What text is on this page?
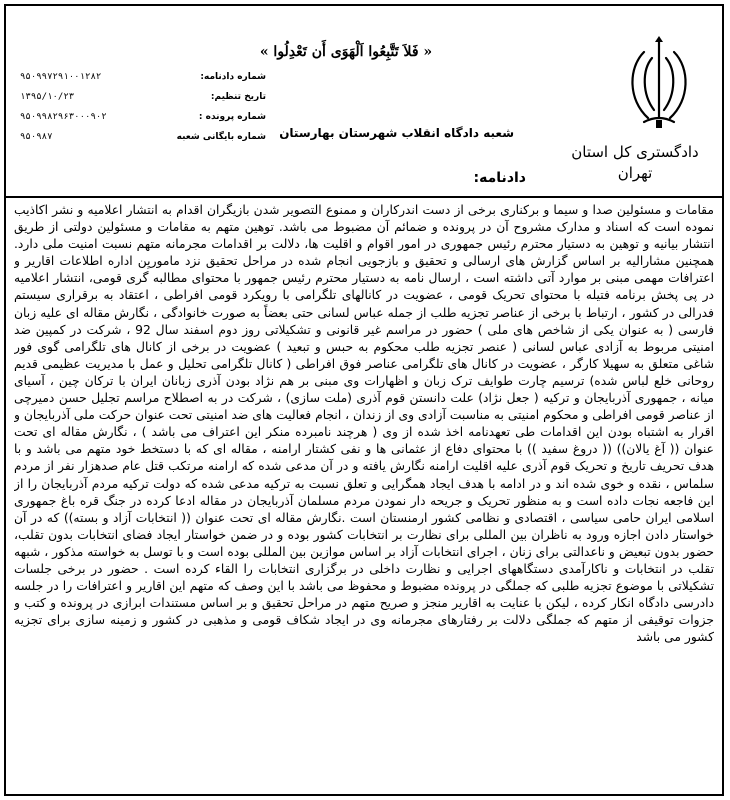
دادگستری کل استان
تهران
« فَلاَ تَتَّبِعُوا اَلْهَوَى أَن تَعْدِلُوا »
شعبه دادگاه انقلاب شهرستان بهارستان
دادنامه:
شماره دادنامه:
۹۵۰۹۹۷۲۹۱۰۰۱۲۸۲
تاریخ تنظیم:
۱۳۹۵/۱۰/۲۳
شماره پرونده :
۹۵۰۹۹۸۲۹۶۳۰۰۰۹۰۲
شماره بایگانی شعبه
۹۵۰۹۸۷

مقامات و مسئولین صدا و سیما و برکناری برخی از دست اندرکاران و ممنوع التصویر شدن بازیگران اقدام به انتشار اعلامیه و نشر اکاذیب نموده است که اسناد و مدارک مشروح آن در پرونده و ضمائم آن مضبوط می باشد. توهین متهم به مقامات و مسئولین دولتی از طریق انتشار بیانیه و توهین به دستیار محترم رئیس جمهوری در امور اقوام و اقلیت ها، دلالت بر اقدامات مجرمانه متهم نسبت امنیت ملی دارد. همچنین مشارالیه بر اساس گزارش های ارسالی و تحقیق و بازجویی انجام شده در مراحل تحقیق نزد ماموریِن اداره اطلاعات اقاریر و اعترافات مهمی مبنی بر موارد آتی داشته است ، ارسال نامه به دستیار محترم رئیس جمهور با محتوای مطالبه گری قومی، انتشار اعلامیه در پی پخش برنامه فتیله با محتوای تحریک قومی ، عضویت در کانالهای تلگرامی با رویکرد قومی افراطی ، اعتقاد به برقراری سیستم فدرالی در کشور ، ارتباط با برخی از عناصر تجزیه طلب از جمله عباس لسانی حتی بعضاً به صورت خانوادگی ، نگارش مقاله ای علیه زبان فارسی ( به عنوان یکی از شاخص های ملی ) حضور در مراسم غیر قانونی و تشکیلاتی روز دوم اسفند سال 92 ، شرکت در کمپین ضد امنیتی مربوط به آزادی عباس لسانی ( عنصر تجزیه طلب محکوم به حبس و تبعید ) عضویت در برخی از کانال های تلگرامی گوی فور شاغی متعلق به سهیلا کارگر ، عضویت در کانال های تلگرامی عناصر فوق افراطی ( کانال تلگرامی تحلیل و عمل با مدیریت عظیمی قدیم روحانی خلع لباس شده) ترسیم چارت طوایف ترک زبان و اظهارات وی مبنی بر هم نژاد بودن آذری زبانان ایران با ترکان چین ، آسیای میانه ، جمهوری آذربایجان و ترکیه ( جعل نژاد) علت دانستن قوم آذری (ملت سازی) ، شرکت در به اصطلاح مراسم تجلیل حسن دمیرچی از عناصر قومی افراطی و محکوم امنیتی به مناسبت آزادی وی از زندان ، انجام فعالیت های ضد امنیتی تحت عنوان حرکت ملی آذربایجان و اقرار به اشتباه بودن این اقدامات طی تعهدنامه اخذ شده از وی ( هرچند نامبرده منکر این اعتراف می باشد ) ، نگارش مقاله ای تحت عنوان (( آغ یالان)) (( دروغ سفید )) با محتوای دفاع از عثمانی ها و نفی کشتار ارامنه ، مقاله ای که با دستخط خود متهم می باشد و با هدف تحریف تاریخ و تحریک قوم آذری علیه اقلیت ارامنه نگارش یافته و در آن مدعی شده که ارامنه مرتکب قتل عام صدهزار نفر از مردم سلماس ، نقده و خوی شده اند و در ادامه با هدف ایجاد همگرایی و تعلق نسبت به ترکیه مدعی شده که دولت ترکیه مردم آذربایجان را از این فاجعه نجات داده است و به منظور تحریک و جریحه دار نمودن مردم مسلمان آذربایجان در مقاله ادعا کرده در جنگ قره باغ جمهوری اسلامی ایران حامی سیاسی ، اقتصادی و نظامی کشور ارمنستان است .نگارش مقاله ای تحت عنوان (( انتخابات آزاد و بسته)) که در آن خواستار دادن اجازه ورود به ناظران بین المللی برای نظارت بر انتخابات کشور بوده و در ضمن خواستار ایجاد فضای انتخابات بدون تقلب، حضور بدون تبعیض و ناعدالتی برای زنان ، اجرای انتخابات آزاد بر اساس موازین بین المللی بوده است و با توسل به خواسته مذکور ، شبهه تقلب در انتخابات و ناکارآمدی دستگاههای اجرایی و نظارت داخلی در برگزاری انتخابات را القاء کرده است . حضور در برخی جلسات تشکیلاتی با موضوع تجزیه طلبی که جملگی در پرونده مضبوط و محفوظ می باشد با این وصف که متهم این اقاریر و اعترافات را در جلسه دادرسی دادگاه انکار کرده ، لیکن با عنایت به اقاریر منجز و صریح متهم در مراحل تحقیق و بر اساس مستندات ابرازی در پرونده و کتب و جزوات توقیفی از متهم که جملگی دلالت بر رفتارهای مجرمانه وی در ایجاد شکاف قومی و مذهبی در کشور و زمینه سازی برای تجزیه کشور می باشد
